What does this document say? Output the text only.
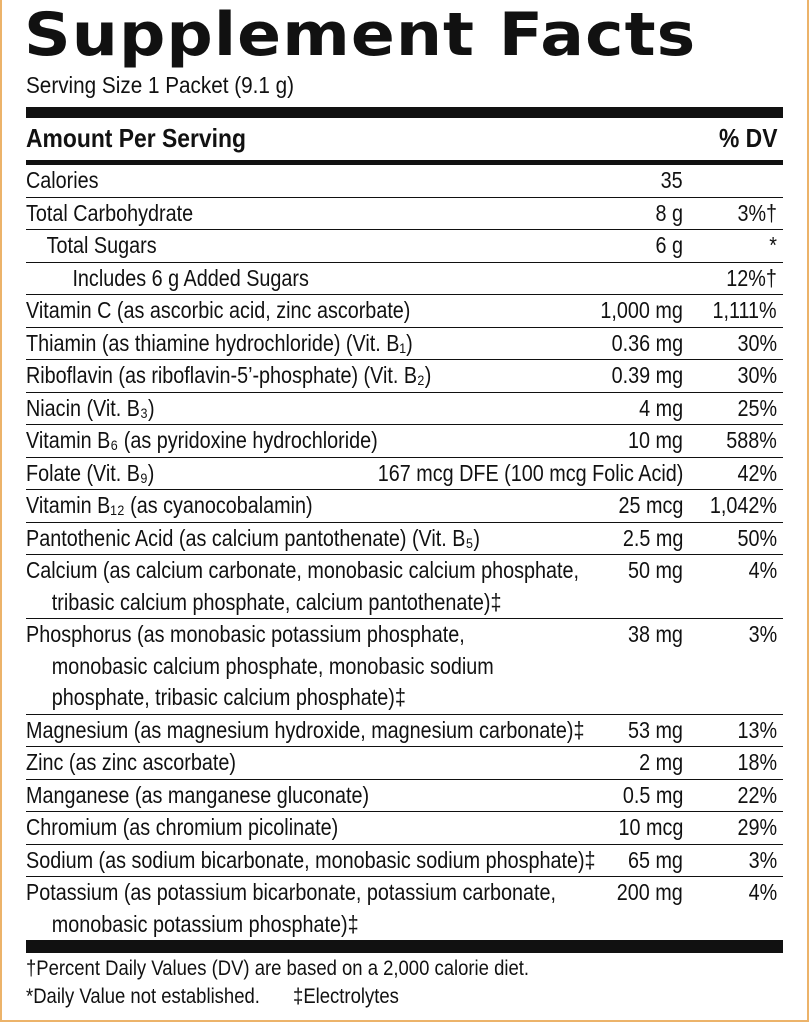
Supplement Facts
Serving Size 1 Packet (9.1 g)
Amount Per Serving	% DV
Calories	35
Total Carbohydrate	8 g 3%†
Total Sugars	6 g	*
Includes 6 g Added Sugars	12%†
Vitamin C (as ascorbic acid, zinc ascorbate)	1,000 mg 1,111%
Thiamin (as thiamine hydrochloride) (Vit. B₁)	0.36 mg 30%
Riboflavin (as riboflavin-5’-phosphate) (Vit. B₂)	0.39 mg 30%
Niacin (Vit. B₃)	4 mg 25%
Vitamin B₆ (as pyridoxine hydrochloride)	10 mg 588%
Folate (Vit. B₉)	167 mcg DFE (100 mcg Folic Acid) 42%
Vitamin B₁₂ (as cyanocobalamin)	25 mcg 1,042%
Pantothenic Acid (as calcium pantothenate) (Vit. B₅)	2.5 mg 50%
Calcium (as calcium carbonate, monobasic calcium phosphate,
tribasic calcium phosphate, calcium pantothenate)‡
50 mg	4%
Phosphorus (as monobasic potassium phosphate,
monobasic calcium phosphate, monobasic sodium
phosphate, tribasic calcium phosphate)‡
38 mg	3%
Magnesium (as magnesium hydroxide, magnesium carbonate)‡	53 mg 13%
Zinc (as zinc ascorbate)	2 mg 18%
Manganese (as manganese gluconate)	0.5 mg 22%
Chromium (as chromium picolinate)	10 mcg 29%
Sodium (as sodium bicarbonate, monobasic sodium phosphate)‡	65 mg	3%
Potassium (as potassium bicarbonate, potassium carbonate,
monobasic potassium phosphate)‡
200 mg	4%
†Percent Daily Values (DV) are based on a 2,000 calorie diet.
*Daily Value not established. ‡Electrolytes
